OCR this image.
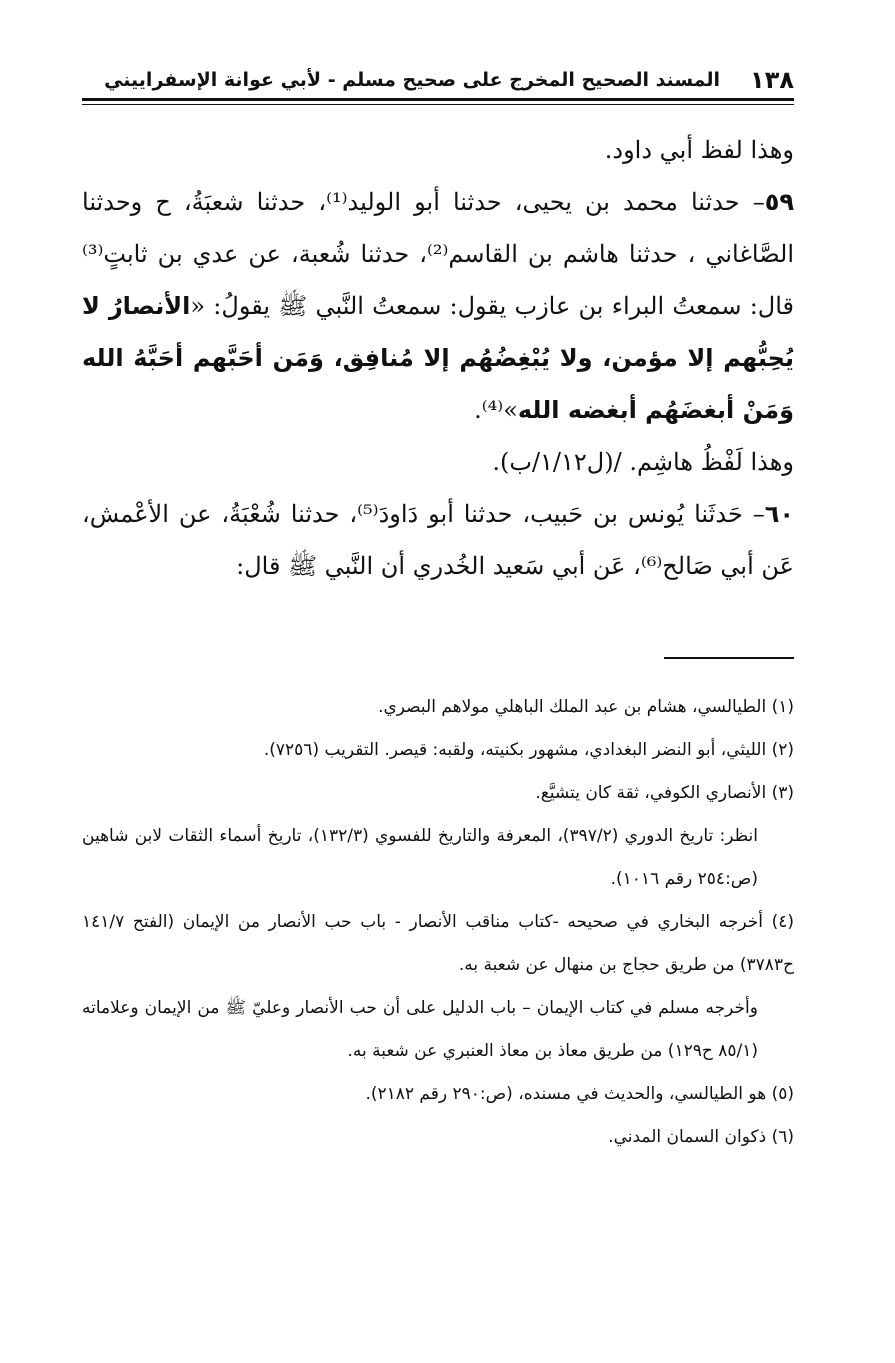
١٣٨
المسند الصحيح المخرج على صحيح مسلم - لأبي عوانة الإسفراييني

وهذا لفظ أبي داود.

٥٩– حدثنا محمد بن يحيى، حدثنا أبو الوليد⁽¹⁾، حدثنا شعبَةُ، ح وحدثنا الصَّاغاني ، حدثنا هاشم بن القاسم⁽²⁾، حدثنا شُعبة، عن عدي بن ثابتٍ⁽³⁾ قال: سمعتُ البراء بن عازب يقول: سمعتُ النَّبي ﷺ يقولُ: «الأنصارُ لا يُحِبُّهم إلا مؤمن، ولا يُبْغِضُهُم إلا مُنافِق، وَمَن أحَبَّهم أحَبَّهُ الله وَمَنْ أبغضَهُم أبغضه الله»⁽⁴⁾.

وهذا لَفْظُ هاشِم. /(ل١/١٢/ب).

٦٠– حَدثَنا يُونس بن حَبيب، حدثنا أبو دَاودَ⁽⁵⁾، حدثنا شُعْبَةُ، عن الأعْمش، عَن أبي صَالح⁽⁶⁾، عَن أبي سَعيد الخُدري أن النَّبي ﷺ قال:

(١) الطيالسي، هشام بن عبد الملك الباهلي مولاهم البصري.

(٢) الليثي، أبو النضر البغدادي، مشهور بكنيته، ولقبه: قيصر. التقريب (٧٢٥٦).

(٣) الأنصاري الكوفي، ثقة كان يتشيَّع.

انظر: تاريخ الدوري (٣٩٧/٢)، المعرفة والتاريخ للفسوي (١٣٢/٣)، تاريخ أسماء الثقات لابن شاهين (ص:٢٥٤ رقم ١٠١٦).

(٤) أخرجه البخاري في صحيحه -كتاب مناقب الأنصار - باب حب الأنصار من الإيمان (الفتح ١٤١/٧ ح٣٧٨٣) من طريق حجاج بن منهال عن شعبة به.

وأخرجه مسلم في كتاب الإيمان – باب الدليل على أن حب الأنصار وعليّ ﷺ من الإيمان وعلاماته (٨٥/١ ح١٢٩) من طريق معاذ بن معاذ العنبري عن شعبة به.

(٥) هو الطيالسي، والحديث في مسنده، (ص:٢٩٠ رقم ٢١٨٢).

(٦) ذكوان السمان المدني.
